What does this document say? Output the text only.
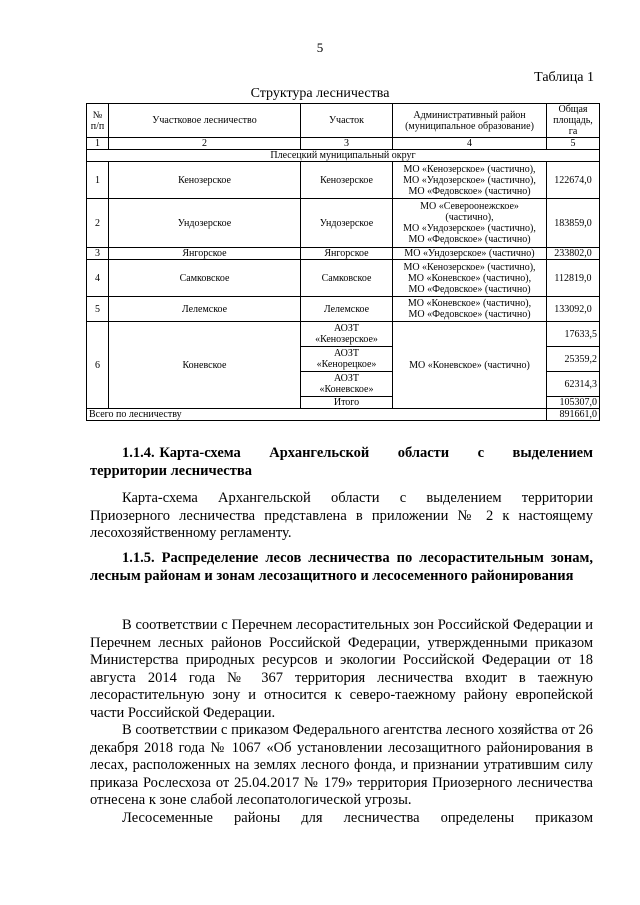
5
Таблица 1
Структура лесничества
№ п/п	Участковое лесничество	Участок	Административный район (муниципальное образование)	Общая площадь, га
1	2	3	4	5
Плесецкий муниципальный округ				
1	Кенозерское	Кенозерское	МО «Кенозерское» (частично),
МО «Ундозерское» (частично),
МО «Федовское» (частично)	122674,0
2	Ундозерское	Ундозерское	МО «Североонежское»
(частично),
МО «Ундозерское» (частично),
МО «Федовское» (частично)	183859,0
3	Янгорское	Янгорское	МО «Ундозерское» (частично)	233802,0
4	Самковское	Самковское	МО «Кенозерское» (частично),
МО «Коневское» (частично),
МО «Федовское» (частично)	112819,0
5	Лелемское	Лелемское	МО «Коневское» (частично),
МО «Федовское» (частично)	133092,0
6	Коневское	АОЗТ
«Кенозерское»	МО «Коневское» (частично)	17633,5

		АОЗТ
«Кенорецкое»		25359,2

		АОЗТ
«Коневское»		62314,3

		Итого		105307,0
Всего по лесничеству				891661,0
1.1.4. Карта-схема      Архангельской      области      с      выделением
территории лесничества

Карта-схема Архангельской области с выделением территории Приозерного лесничества представлена в приложении № 2 к настоящему лесохозяйственному регламенту.

1.1.5. Распределение лесов лесничества по лесорастительным зонам, лесным районам и зонам лесозащитного и лесосеменного районирования

В соответствии с Перечнем лесорастительных зон Российской Федерации и Перечнем лесных районов Российской Федерации, утвержденными приказом Министерства природных ресурсов и экологии Российской Федерации от 18 августа 2014 года № 367 территория лесничества входит в таежную лесорастительную зону и относится к северо-таежному району европейской части Российской Федерации.

В соответствии с приказом Федерального агентства лесного хозяйства от 26 декабря 2018 года № 1067 «Об установлении лесозащитного районирования в лесах, расположенных на землях лесного фонда, и признании утратившим силу приказа Рослесхоза от 25.04.2017 № 179» территория Приозерного лесничества отнесена к зоне слабой лесопатологической угрозы.

Лесосеменные районы для лесничества определены приказом
